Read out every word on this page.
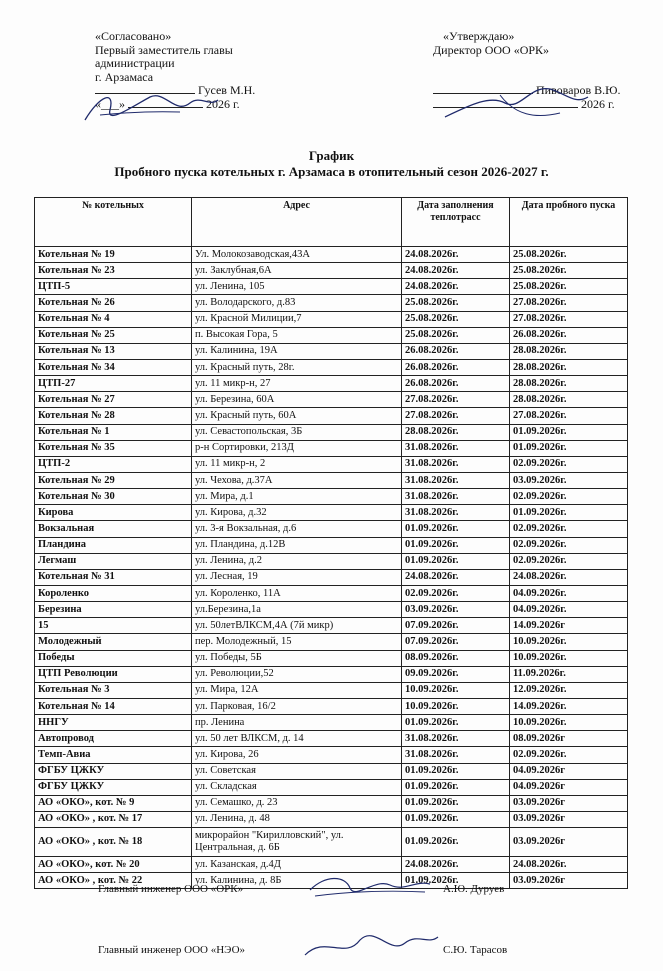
«Согласовано»
Первый заместитель главы
администрации
г. Арзамаса
Гусев М.Н.
«___»	2026 г.
«Утверждаю»
Директор ООО «ОРК»
Пивоваров В.Ю.
2026 г.
График
Пробного пуска котельных г. Арзамаса в отопительный сезон 2026-2027 г.
№ котельных	Адрес	Дата заполнения теплотрасс	Дата пробного пуска
Котельная № 19	Ул. Молокозаводская,43А	24.08.2026г.	25.08.2026г.
Котельная № 23	ул. Заклубная,6А	24.08.2026г.	25.08.2026г.
ЦТП-5	ул. Ленина, 105	24.08.2026г.	25.08.2026г.
Котельная № 26	ул. Володарского, д.83	25.08.2026г.	27.08.2026г.
Котельная № 4	ул. Красной Милиции,7	25.08.2026г.	27.08.2026г.
Котельная № 25	п. Высокая Гора, 5	25.08.2026г.	26.08.2026г.
Котельная № 13	ул. Калинина, 19А	26.08.2026г.	28.08.2026г.
Котельная № 34	ул. Красный путь, 28г.	26.08.2026г.	28.08.2026г.
ЦТП-27	ул. 11 микр-н, 27	26.08.2026г.	28.08.2026г.
Котельная № 27	ул. Березина, 60А	27.08.2026г.	28.08.2026г.
Котельная № 28	ул. Красный путь, 60А	27.08.2026г.	27.08.2026г.
Котельная № 1	ул. Севастопольская, 3Б	28.08.2026г.	01.09.2026г.
Котельная № 35	р-н Сортировки, 213Д	31.08.2026г.	01.09.2026г.
ЦТП-2	ул. 11 микр-н, 2	31.08.2026г.	02.09.2026г.
Котельная № 29	ул. Чехова, д.37А	31.08.2026г.	03.09.2026г.
Котельная № 30	ул. Мира, д.1	31.08.2026г.	02.09.2026г.
Кирова	ул. Кирова, д.32	31.08.2026г.	01.09.2026г.
Вокзальная	ул. 3-я Вокзальная, д.6	01.09.2026г.	02.09.2026г.
Пландина	ул. Пландина, д.12В	01.09.2026г.	02.09.2026г.
Легмаш	ул. Ленина, д.2	01.09.2026г.	02.09.2026г.
Котельная № 31	ул. Лесная, 19	24.08.2026г.	24.08.2026г.
Короленко	ул. Короленко, 11А	02.09.2026г.	04.09.2026г.
Березина	ул.Березина,1а	03.09.2026г.	04.09.2026г.
15	ул. 50летВЛКСМ,4А (7й микр)	07.09.2026г.	14.09.2026г
Молодежный	пер. Молодежный, 15	07.09.2026г.	10.09.2026г.
Победы	ул. Победы, 5Б	08.09.2026г.	10.09.2026г.
ЦТП Революции	ул. Революции,52	09.09.2026г.	11.09.2026г.
Котельная № 3	ул. Мира, 12А	10.09.2026г.	12.09.2026г.
Котельная № 14	ул. Парковая, 16/2	10.09.2026г.	14.09.2026г.
ННГУ	пр. Ленина	01.09.2026г.	10.09.2026г.
Автопровод	ул. 50 лет ВЛКСМ, д. 14	31.08.2026г.	08.09.2026г
Темп-Авиа	ул. Кирова, 26	31.08.2026г.	02.09.2026г.
ФГБУ ЦЖКУ	ул. Советская	01.09.2026г.	04.09.2026г
ФГБУ ЦЖКУ	ул. Складская	01.09.2026г.	04.09.2026г
АО «ОКО», кот. № 9	ул. Семашко, д. 23	01.09.2026г.	03.09.2026г
АО «ОКО» , кот. № 17	ул. Ленина, д. 48	01.09.2026г.	03.09.2026г
АО «ОКО» , кот. № 18	микрорайон "Кирилловский", ул. Центральная, д. 6Б	01.09.2026г.	03.09.2026г
АО «ОКО», кот. № 20	ул. Казанская, д.4Д	24.08.2026г.	24.08.2026г.
АО «ОКО» , кот. № 22	ул. Калинина, д. 8Б	01.09.2026г.	03.09.2026г
Главный инженер ООО «ОРК»	А.Ю. Дуруев
Главный инженер ООО «НЭО»	С.Ю. Тарасов
